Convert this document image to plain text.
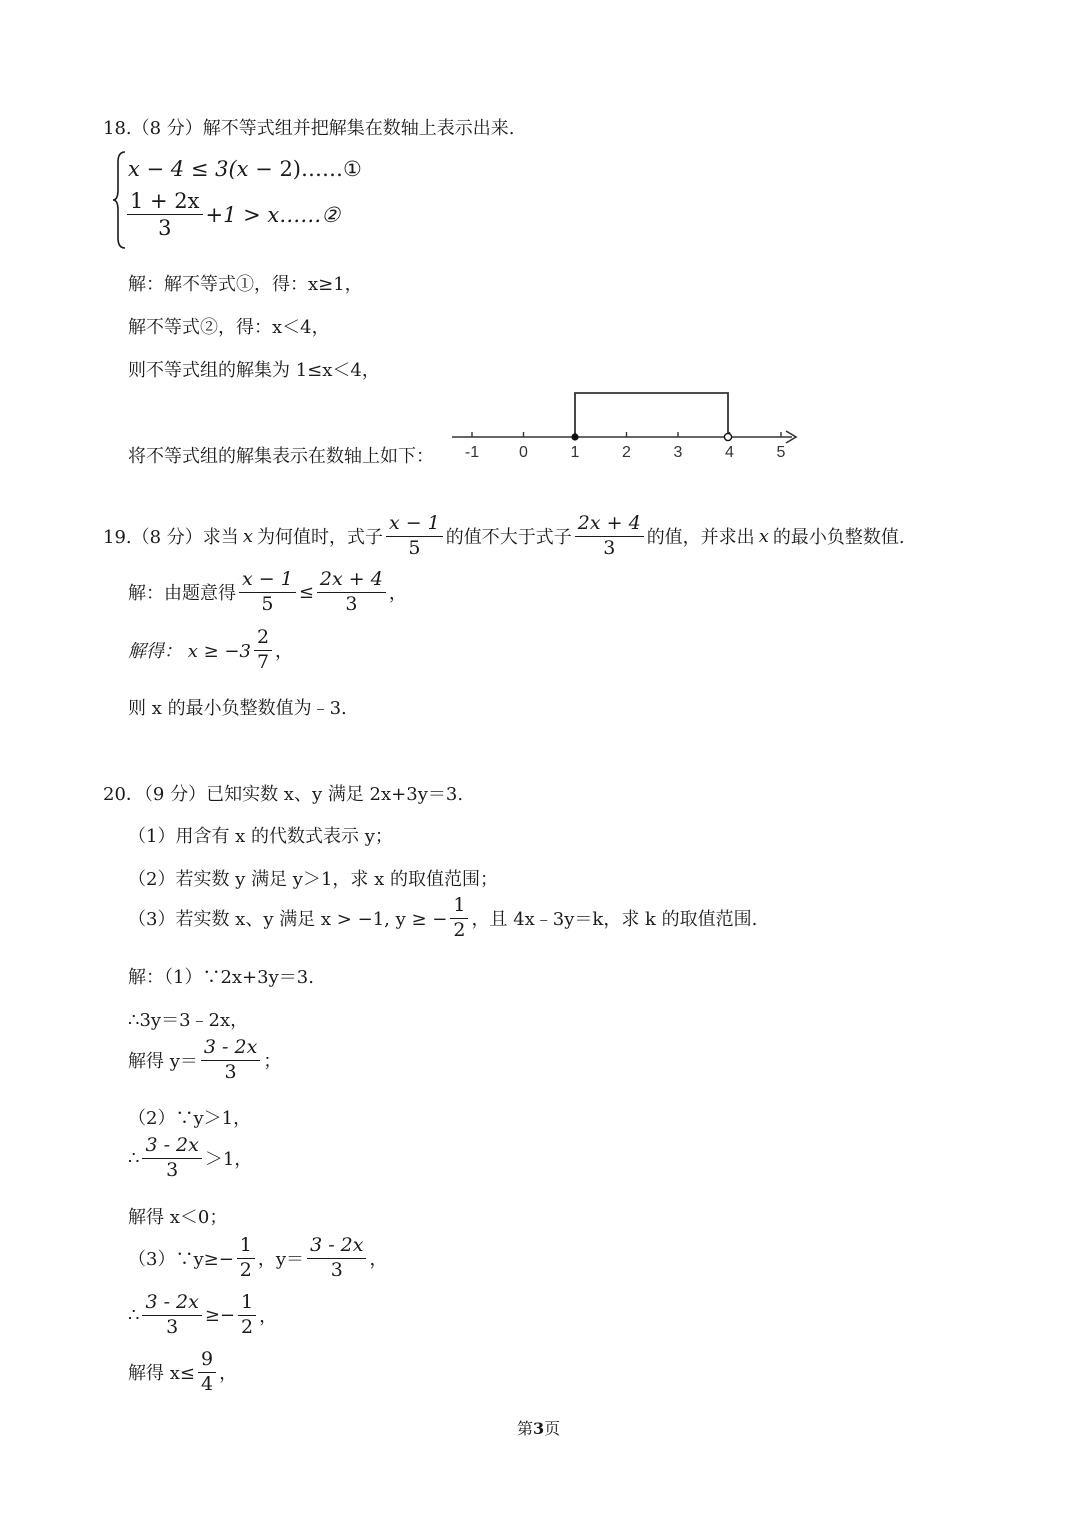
18.（8 分）解不等式组并把解集在数轴上表示出来.
x − 4 ≤ 3(x − 2)……①
$\frac{1 + 2x}{3} +1$ > x……②
解：解不等式①，得：x≥1，
解不等式②，得：x＜4，
则不等式组的解集为 1≤x＜4，
将不等式组的解集表示在数轴上如下： -1 0	1	2	3	4	5
19.（8 分）求当 x 为何值时，式子 $\frac{x - 1}{5}$ 的值不大于式子 $\frac{2x + 4}{3}$ 的值，并求出 x 的最小负整数值.
解：由题意得 $\frac{x - 1}{5} \le \frac{2x + 4}{3}$ ，
解得： $x \ge -3 \frac{2}{7}$ ，
则 x 的最小负整数值为﹣3.
20．（9 分）已知实数 x、y 满足 2x+3y＝3.
（1）用含有 x 的代数式表示 y；
（2）若实数 y 满足 y＞1，求 x 的取值范围；
（3）若实数 x、y 满足 x > −1, y ≥ − $\frac{1}{2}$ ，且 4x﹣3y＝k，求 k 的取值范围.
解：（1）∵2x+3y＝3.
∴3y＝3﹣2x，
解得 $y= \frac{3 - 2x}{3}$ ；
（2）∵y＞1，
∴ $\frac{3 - 2x}{3} >1$，
解得 x＜0；
（3）∵y≥− $\frac{1}{2}$ ，$y= \frac{3 - 2x}{3}$ ，
∴ $\frac{3 - 2x}{3} \ge- \frac{1}{2}$ ，
解得 $x\le \frac{9}{4}$ ，
第3页
